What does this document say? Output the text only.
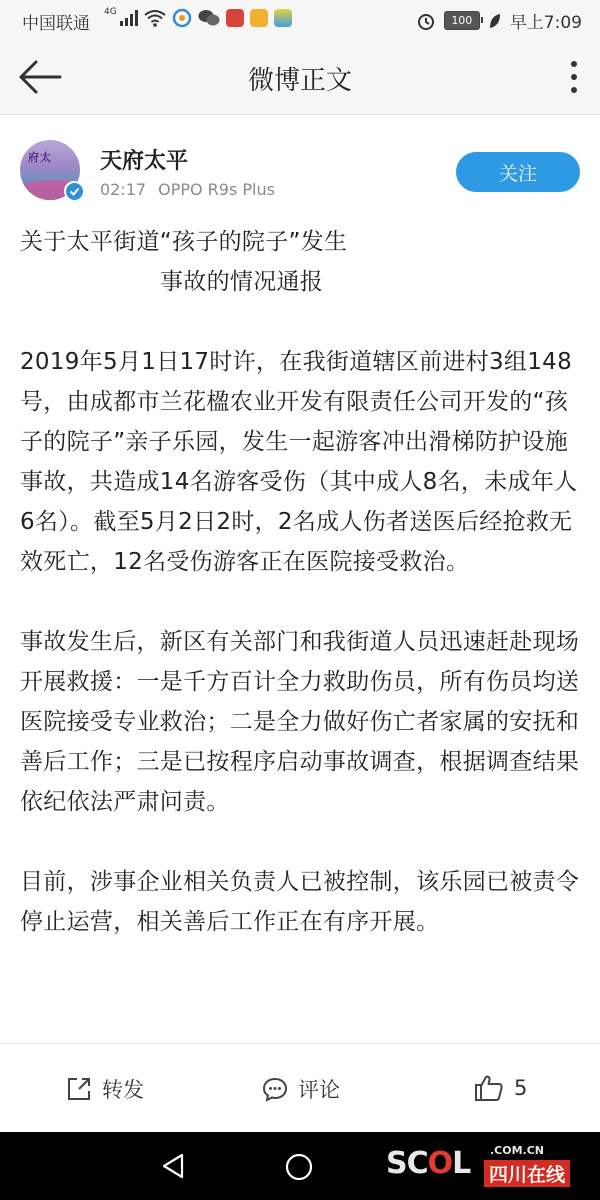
中国联通
4G
100 早上7:09
微博正文
府太 天府太平
02:17 OPPO R9s Plus
关注
关于太平街道“孩子的院子”发生
事故的情况通报

2019年5月1日17时许，在我街道辖区前进村3组148号，由成都市兰花楹农业开发有限责任公司开发的“孩子的院子”亲子乐园，发生一起游客冲出滑梯防护设施事故，共造成14名游客受伤（其中成人8名，未成年人6名）。截至5月2日2时，2名成人伤者送医后经抢救无效死亡，12名受伤游客正在医院接受救治。

事故发生后，新区有关部门和我街道人员迅速赶赴现场开展救援：一是千方百计全力救助伤员，所有伤员均送医院接受专业救治；二是全力做好伤亡者家属的安抚和善后工作；三是已按程序启动事故调查，根据调查结果依纪依法严肃问责。

目前，涉事企业相关负责人已被控制，该乐园已被责令停止运营，相关善后工作正在有序开展。

转发	评论	5
SCOL .COM.CN
四川在线
